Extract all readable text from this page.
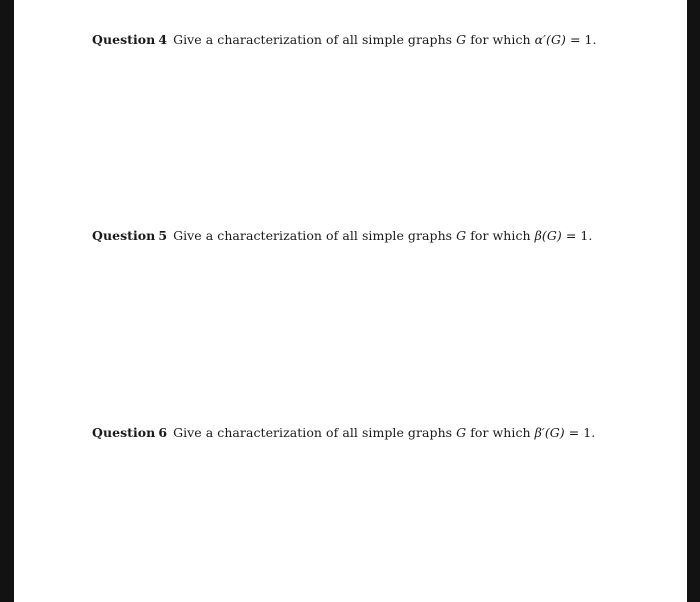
Question 4 Give a characterization of all simple graphs G for which α′(G) = 1.
Question 5 Give a characterization of all simple graphs G for which β(G) = 1.
Question 6 Give a characterization of all simple graphs G for which β′(G) = 1.
